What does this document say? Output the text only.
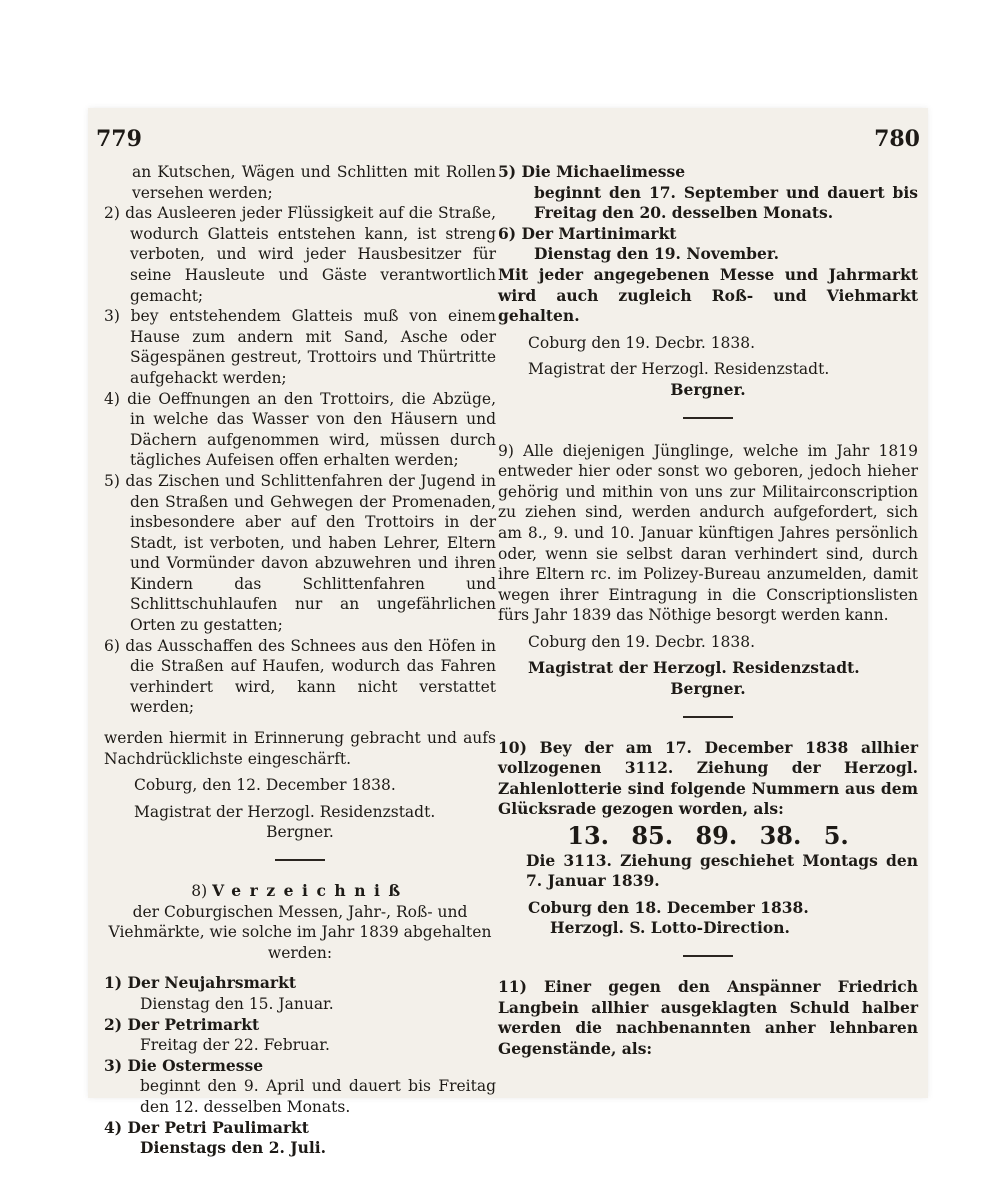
779	780

an Kutschen, Wägen und Schlitten mit Rollen versehen werden;

2) das Ausleeren jeder Flüssigkeit auf die Straße, wodurch Glatteis entstehen kann, ist streng verboten, und wird jeder Hausbesitzer für seine Hausleute und Gäste verantwortlich gemacht;

3) bey entstehendem Glatteis muß von einem Hause zum andern mit Sand, Asche oder Sägespänen gestreut, Trottoirs und Thürtritte aufgehackt werden;

4) die Oeffnungen an den Trottoirs, die Abzüge, in welche das Wasser von den Häusern und Dächern aufgenommen wird, müssen durch tägliches Aufeisen offen erhalten werden;

5) das Zischen und Schlittenfahren der Jugend in den Straßen und Gehwegen der Promenaden, insbesondere aber auf den Trottoirs in der Stadt, ist verboten, und haben Lehrer, Eltern und Vormünder davon abzuwehren und ihren Kindern das Schlittenfahren und Schlittschuhlaufen nur an ungefährlichen Orten zu gestatten;

6) das Ausschaffen des Schnees aus den Höfen in die Straßen auf Haufen, wodurch das Fahren verhindert wird, kann nicht verstattet werden;

werden hiermit in Erinnerung gebracht und aufs Nachdrücklichste eingeschärft.

Coburg, den 12. December 1838.

Magistrat der Herzogl. Residenzstadt.

Bergner.

8) Verzeichniß

der Coburgischen Messen, Jahr-, Roß- und Viehmärkte, wie solche im Jahr 1839 abgehalten werden:

1) Der Neujahrsmarkt

Dienstag den 15. Januar.

2) Der Petrimarkt

Freitag der 22. Februar.

3) Die Ostermesse

beginnt den 9. April und dauert bis Freitag den 12. desselben Monats.

4) Der Petri Paulimarkt

Dienstags den 2. Juli.

5) Die Michaelimesse

beginnt den 17. September und dauert bis Freitag den 20. desselben Monats.

6) Der Martinimarkt

Dienstag den 19. November.

Mit jeder angegebenen Messe und Jahrmarkt wird auch zugleich Roß- und Viehmarkt gehalten.

Coburg den 19. Decbr. 1838.

Magistrat der Herzogl. Residenzstadt.

Bergner.

9) Alle diejenigen Jünglinge, welche im Jahr 1819 entweder hier oder sonst wo geboren, jedoch hieher gehörig und mithin von uns zur Militairconscription zu ziehen sind, werden andurch aufgefordert, sich am 8., 9. und 10. Januar künftigen Jahres persönlich oder, wenn sie selbst daran verhindert sind, durch ihre Eltern rc. im Polizey-Bureau anzumelden, damit wegen ihrer Eintragung in die Conscriptionslisten fürs Jahr 1839 das Nöthige besorgt werden kann.

Coburg den 19. Decbr. 1838.

Magistrat der Herzogl. Residenzstadt.

Bergner.

10) Bey der am 17. December 1838 allhier vollzogenen 3112. Ziehung der Herzogl. Zahlenlotterie sind folgende Nummern aus dem Glücksrade gezogen worden, als:

13. 85. 89. 38. 5.

Die 3113. Ziehung geschiehet Montags den 7. Januar 1839.

Coburg den 18. December 1838.

Herzogl. S. Lotto-Direction.

11) Einer gegen den Anspänner Friedrich Langbein allhier ausgeklagten Schuld halber werden die nachbenannten anher lehnbaren Gegenstände, als:
